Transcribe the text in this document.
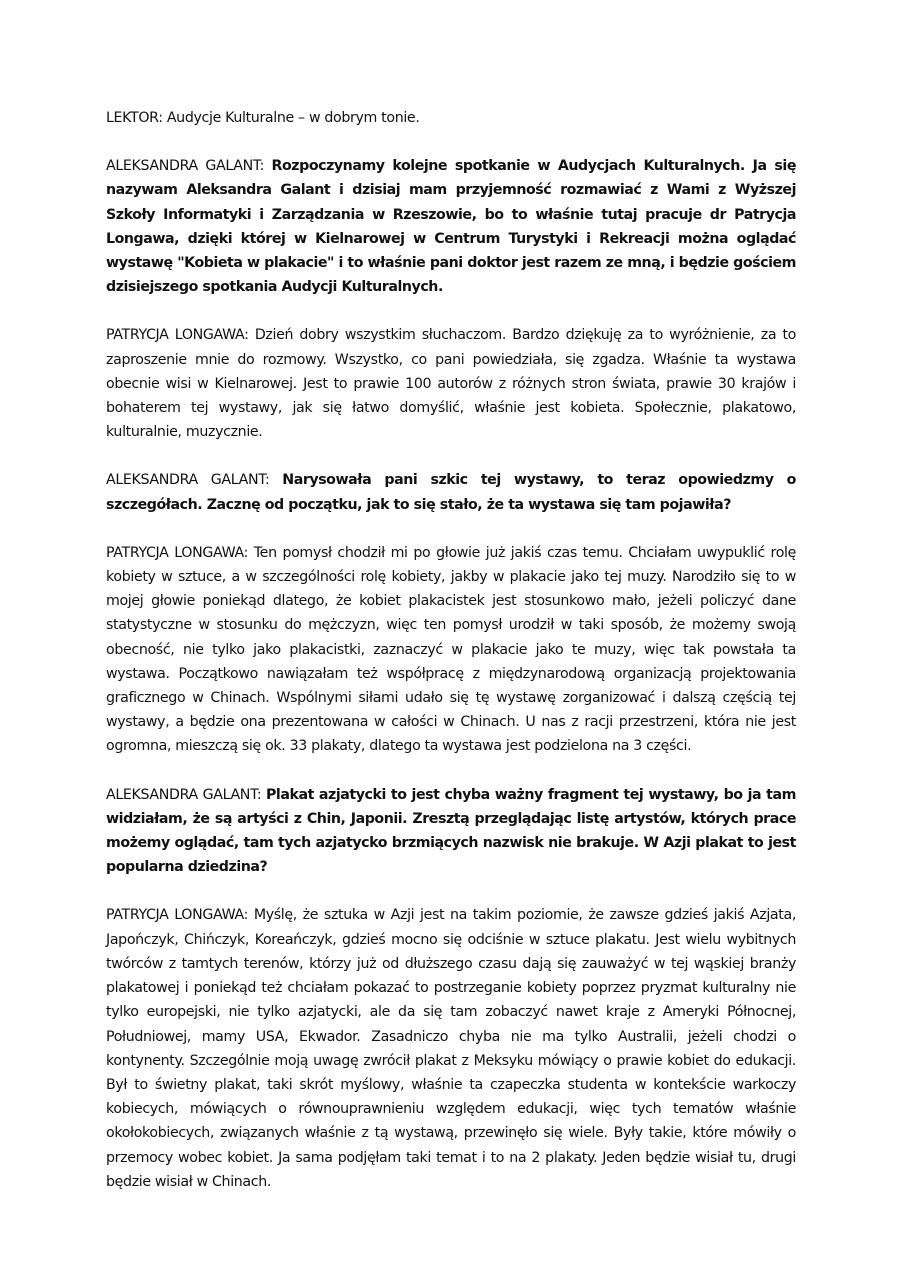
LEKTOR: Audycje Kulturalne – w dobrym tonie.

ALEKSANDRA GALANT: Rozpoczynamy kolejne spotkanie w Audycjach Kulturalnych. Ja się nazywam Aleksandra Galant i dzisiaj mam przyjemność rozmawiać z Wami z Wyższej Szkoły Informatyki i Zarządzania w Rzeszowie, bo to właśnie tutaj pracuje dr Patrycja Longawa, dzięki której w Kielnarowej w Centrum Turystyki i Rekreacji można oglądać wystawę "Kobieta w plakacie" i to właśnie pani doktor jest razem ze mną, i będzie gościem dzisiejszego spotkania Audycji Kulturalnych.

PATRYCJA LONGAWA: Dzień dobry wszystkim słuchaczom. Bardzo dziękuję za to wyróżnienie, za to zaproszenie mnie do rozmowy. Wszystko, co pani powiedziała, się zgadza. Właśnie ta wystawa obecnie wisi w Kielnarowej. Jest to prawie 100 autorów z różnych stron świata, prawie 30 krajów i bohaterem tej wystawy, jak się łatwo domyślić, właśnie jest kobieta. Społecznie, plakatowo, kulturalnie, muzycznie.

ALEKSANDRA GALANT: Narysowała pani szkic tej wystawy, to teraz opowiedzmy o szczegółach. Zacznę od początku, jak to się stało, że ta wystawa się tam pojawiła?

PATRYCJA LONGAWA: Ten pomysł chodził mi po głowie już jakiś czas temu. Chciałam uwypuklić rolę kobiety w sztuce, a w szczególności rolę kobiety, jakby w plakacie jako tej muzy. Narodziło się to w mojej głowie poniekąd dlatego, że kobiet plakacistek jest stosunkowo mało, jeżeli policzyć dane statystyczne w stosunku do mężczyzn, więc ten pomysł urodził w taki sposób, że możemy swoją obecność, nie tylko jako plakacistki, zaznaczyć w plakacie jako te muzy, więc tak powstała ta wystawa. Początkowo nawiązałam też współpracę z międzynarodową organizacją projektowania graficznego w Chinach. Wspólnymi siłami udało się tę wystawę zorganizować i dalszą częścią tej wystawy, a będzie ona prezentowana w całości w Chinach. U nas z racji przestrzeni, która nie jest ogromna, mieszczą się ok. 33 plakaty, dlatego ta wystawa jest podzielona na 3 części.

ALEKSANDRA GALANT: Plakat azjatycki to jest chyba ważny fragment tej wystawy, bo ja tam widziałam, że są artyści z Chin, Japonii. Zresztą przeglądając listę artystów, których prace możemy oglądać, tam tych azjatycko brzmiących nazwisk nie brakuje. W Azji plakat to jest popularna dziedzina?

PATRYCJA LONGAWA: Myślę, że sztuka w Azji jest na takim poziomie, że zawsze gdzieś jakiś Azjata, Japończyk, Chińczyk, Koreańczyk, gdzieś mocno się odciśnie w sztuce plakatu. Jest wielu wybitnych twórców z tamtych terenów, którzy już od dłuższego czasu dają się zauważyć w tej wąskiej branży plakatowej i poniekąd też chciałam pokazać to postrzeganie kobiety poprzez pryzmat kulturalny nie tylko europejski, nie tylko azjatycki, ale da się tam zobaczyć nawet kraje z Ameryki Północnej, Południowej, mamy USA, Ekwador. Zasadniczo chyba nie ma tylko Australii, jeżeli chodzi o kontynenty. Szczególnie moją uwagę zwrócił plakat z Meksyku mówiący o prawie kobiet do edukacji. Był to świetny plakat, taki skrót myślowy, właśnie ta czapeczka studenta w kontekście warkoczy kobiecych, mówiących o równouprawnieniu względem edukacji, więc tych tematów właśnie okołokobiecych, związanych właśnie z tą wystawą, przewinęło się wiele. Były takie, które mówiły o przemocy wobec kobiet. Ja sama podjęłam taki temat i to na 2 plakaty. Jeden będzie wisiał tu, drugi będzie wisiał w Chinach.
